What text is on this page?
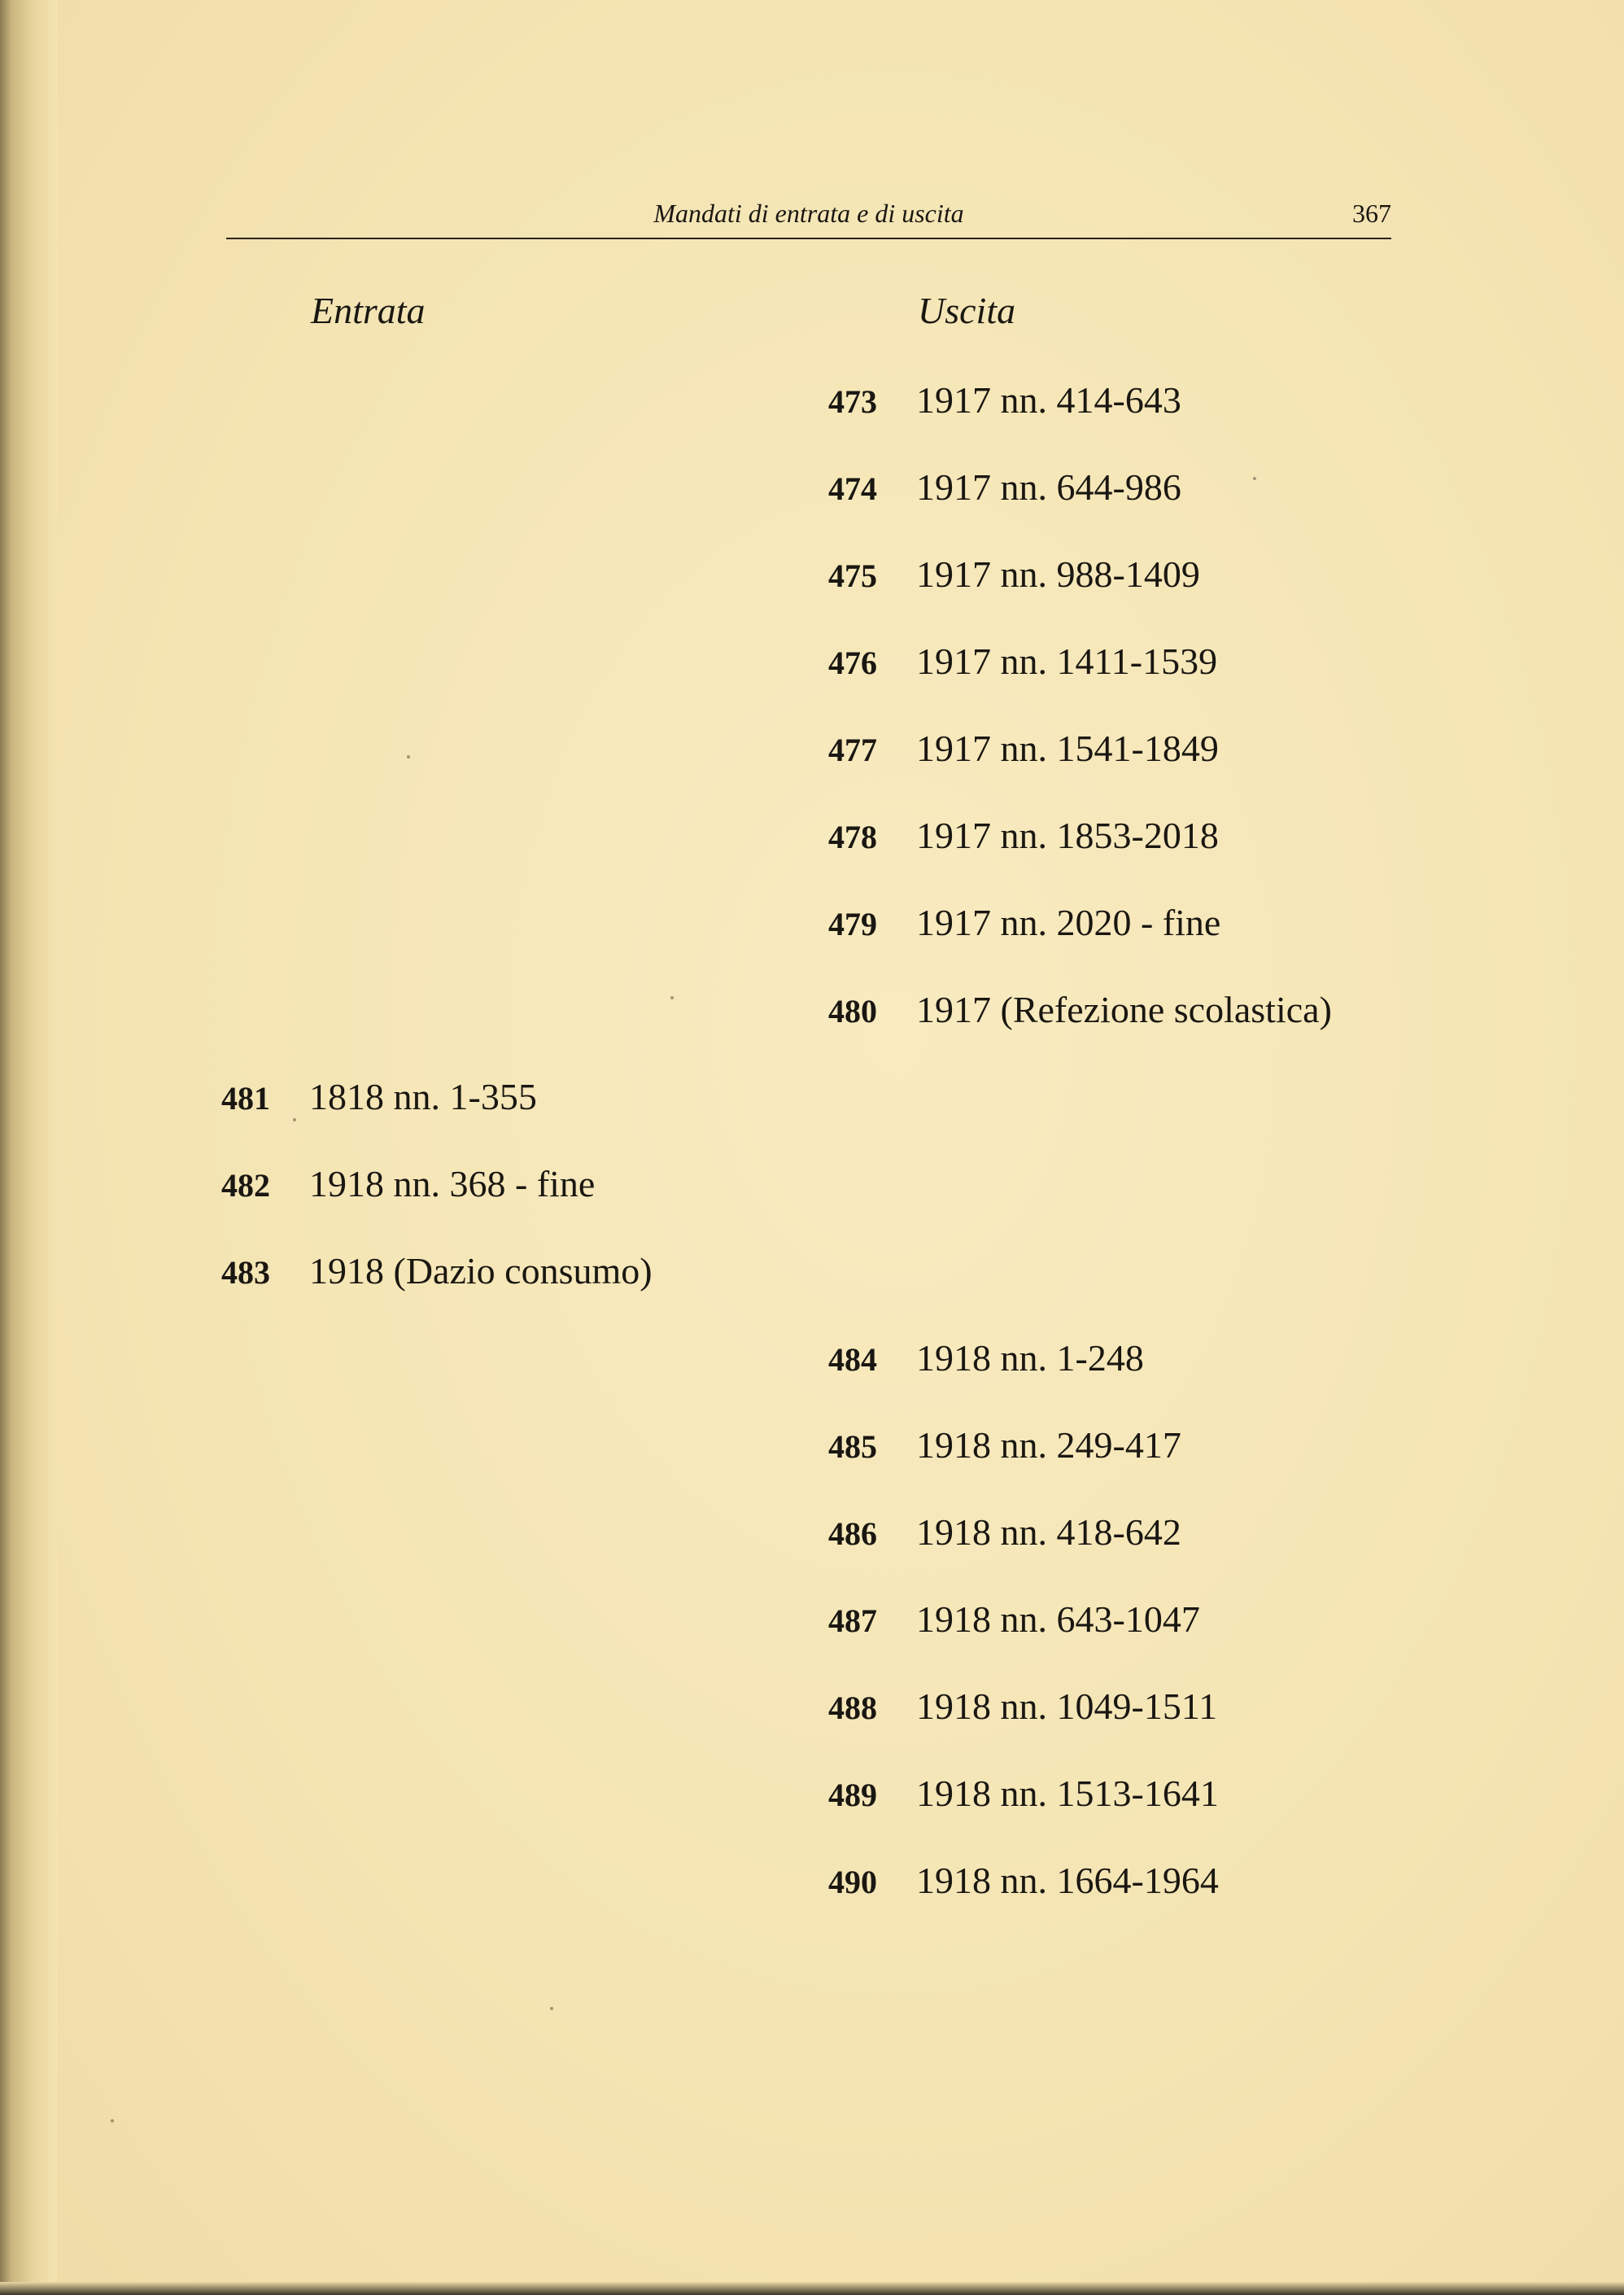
Mandati di entrata e di uscita	367
Entrata	Uscita
473 1917 nn. 414-643
474 1917 nn. 644-986
475 1917 nn. 988-1409
476 1917 nn. 1411-1539
477 1917 nn. 1541-1849
478 1917 nn. 1853-2018
479 1917 nn. 2020 - fine
480 1917 (Refezione scolastica)
481 1818 nn. 1-355
482 1918 nn. 368 - fine
483 1918 (Dazio consumo)
484 1918 nn. 1-248
485 1918 nn. 249-417
486 1918 nn. 418-642
487 1918 nn. 643-1047
488 1918 nn. 1049-1511
489 1918 nn. 1513-1641
490 1918 nn. 1664-1964
